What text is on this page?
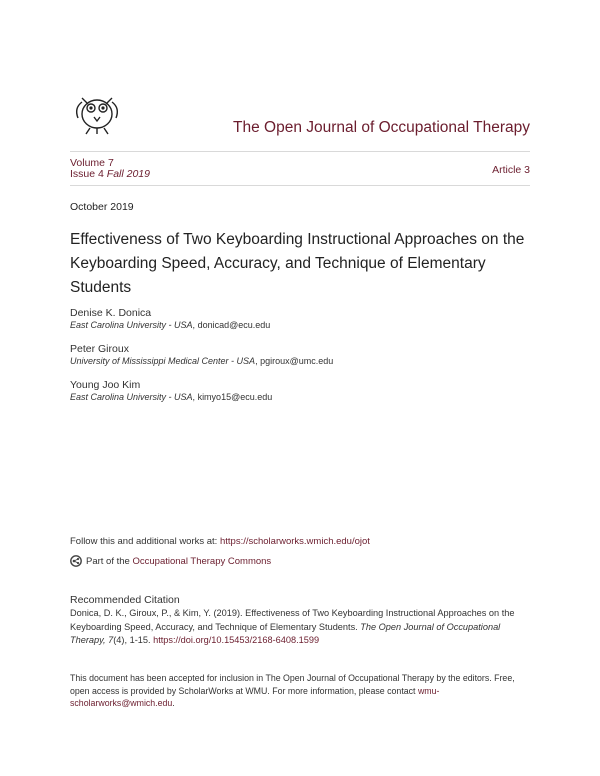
The Open Journal of Occupational Therapy
Volume 7
Issue 4 Fall 2019	Article 3
October 2019
Effectiveness of Two Keyboarding Instructional Approaches on the Keyboarding Speed, Accuracy, and Technique of Elementary Students
Denise K. Donica
East Carolina University - USA, donicad@ecu.edu
Peter Giroux
University of Mississippi Medical Center - USA, pgiroux@umc.edu
Young Joo Kim
East Carolina University - USA, kimyo15@ecu.edu
Follow this and additional works at: https://scholarworks.wmich.edu/ojot
Part of the Occupational Therapy Commons
Recommended Citation
Donica, D. K., Giroux, P., & Kim, Y. (2019). Effectiveness of Two Keyboarding Instructional Approaches on the Keyboarding Speed, Accuracy, and Technique of Elementary Students. The Open Journal of Occupational Therapy, 7(4), 1-15. https://doi.org/10.15453/2168-6408.1599
This document has been accepted for inclusion in The Open Journal of Occupational Therapy by the editors. Free, open access is provided by ScholarWorks at WMU. For more information, please contact wmu-scholarworks@wmich.edu.
